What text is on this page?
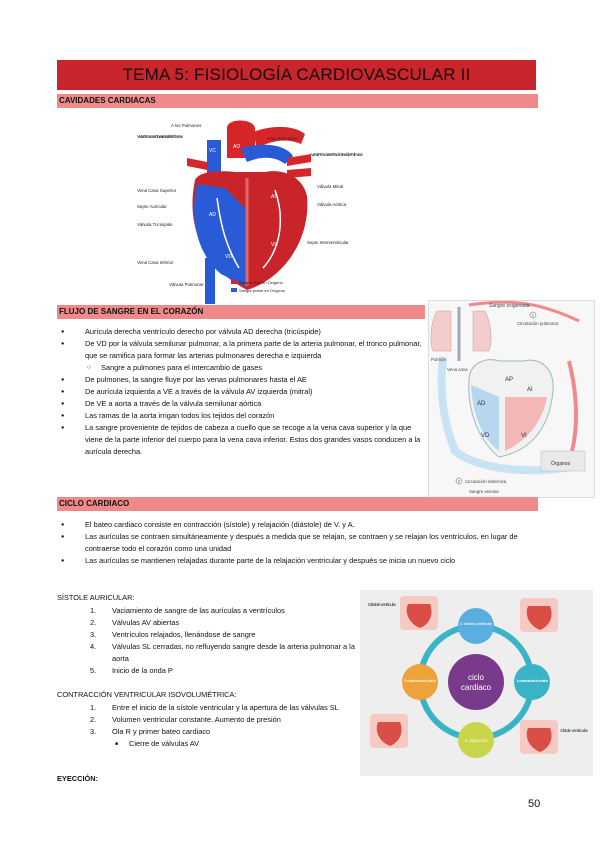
TEMA 5: FISIOLOGÍA CARDIOVASCULAR II
CAVIDADES CARDIACAS
AO
AP
AI
AD
VD
VI
VC
A los Pulmones
Venas Pulmonares Provenientes de los Pulmones
Vena Cava Superior
Septo Auricular
Válvula Tricúspide
Vena Cava Inferior
Válvula Pulmonar
A los Pulmones
Venas Pulmonares Provenientes de los Pulmones
Válvula Mitral
Válvula Aórtica
Septo Interventricular
Sangre Rica en Oxígeno
Sangre pobre en Oxígeno
FLUJO DE SANGRE EN EL CORAZÓN
● Aurícula derecha ventrículo derecho por válvula AD derecha (tricúspide)
● De VD por la válvula semilunar pulmonar, a la primera parte de la arteria pulmonar, el tronco pulmonar, que se ramifica para formar las arterias pulmonares derecha e izquierda
○ Sangre a pulmones para el intercambio de gases
● De pulmones, la sangre fluye por las venas pulmonares hasta el AE
● De aurícula izquierda a VE a través de la válvula AV izquierda (mitral)
● De VE a aorta a través de la válvula semilunar aórtica
● Las ramas de la aorta irrigan todos los tejidos del corazón
● La sangre proveniente de tejidos de cabeza a cuello que se recoge a la vena cava superior y la que viene de la parte inferior del cuerpo para la vena cava inferior. Estos dos grandes vasos conducen a la aurícula derecha.
AD
AI
AP
VD	VI
Sangre oxigenada
1
Circulación pulmonar
Pulmón
Vena cava
Órganos
2 Circulación sistémica
Sangre venosa
CICLO CARDIACO
● El bateo cardiaco consiste en contracción (sístole) y relajación (diástole) de V. y A.
● Las aurículas se contraen simultáneamente y después a medida que se relajan, se contraen y se relajan los ventrículos, en lugar de contraerse todo el corazón como una unidad
● Las aurículas se mantienen relajadas durante parte de la relajación ventricular y después se inicia un nuevo ciclo
SÍSTOLE AURICULAR:
1. Vaciamiento de sangre de las aurículas a ventrículos
2. Válvulas AV abiertas
3. Ventrículos relajados, llenándose de sangre
4. Válvulas SL cerradas, no refluyendo sangre desde la arteria pulmonar a la aorta
5. Inicio de la onda P
CONTRACCIÓN VENTRICULAR ISOVOLUMÉTRICA:
1. Entre el inicio de la sístole ventricular y la apertura de las válvulas SL
2. Volumen ventricular constante. Aumento de presión
3. Ola R y primer bateo cardiaco
■ Cierre de válvulas AV
EYECCIÓN:
ciclo
cardiaco
4. Llenado ventricular
1. contracción isovolumétrica
2. eyección
3. relajación isovolumétrica
Diástole ventricular
Sístole ventricular
50
